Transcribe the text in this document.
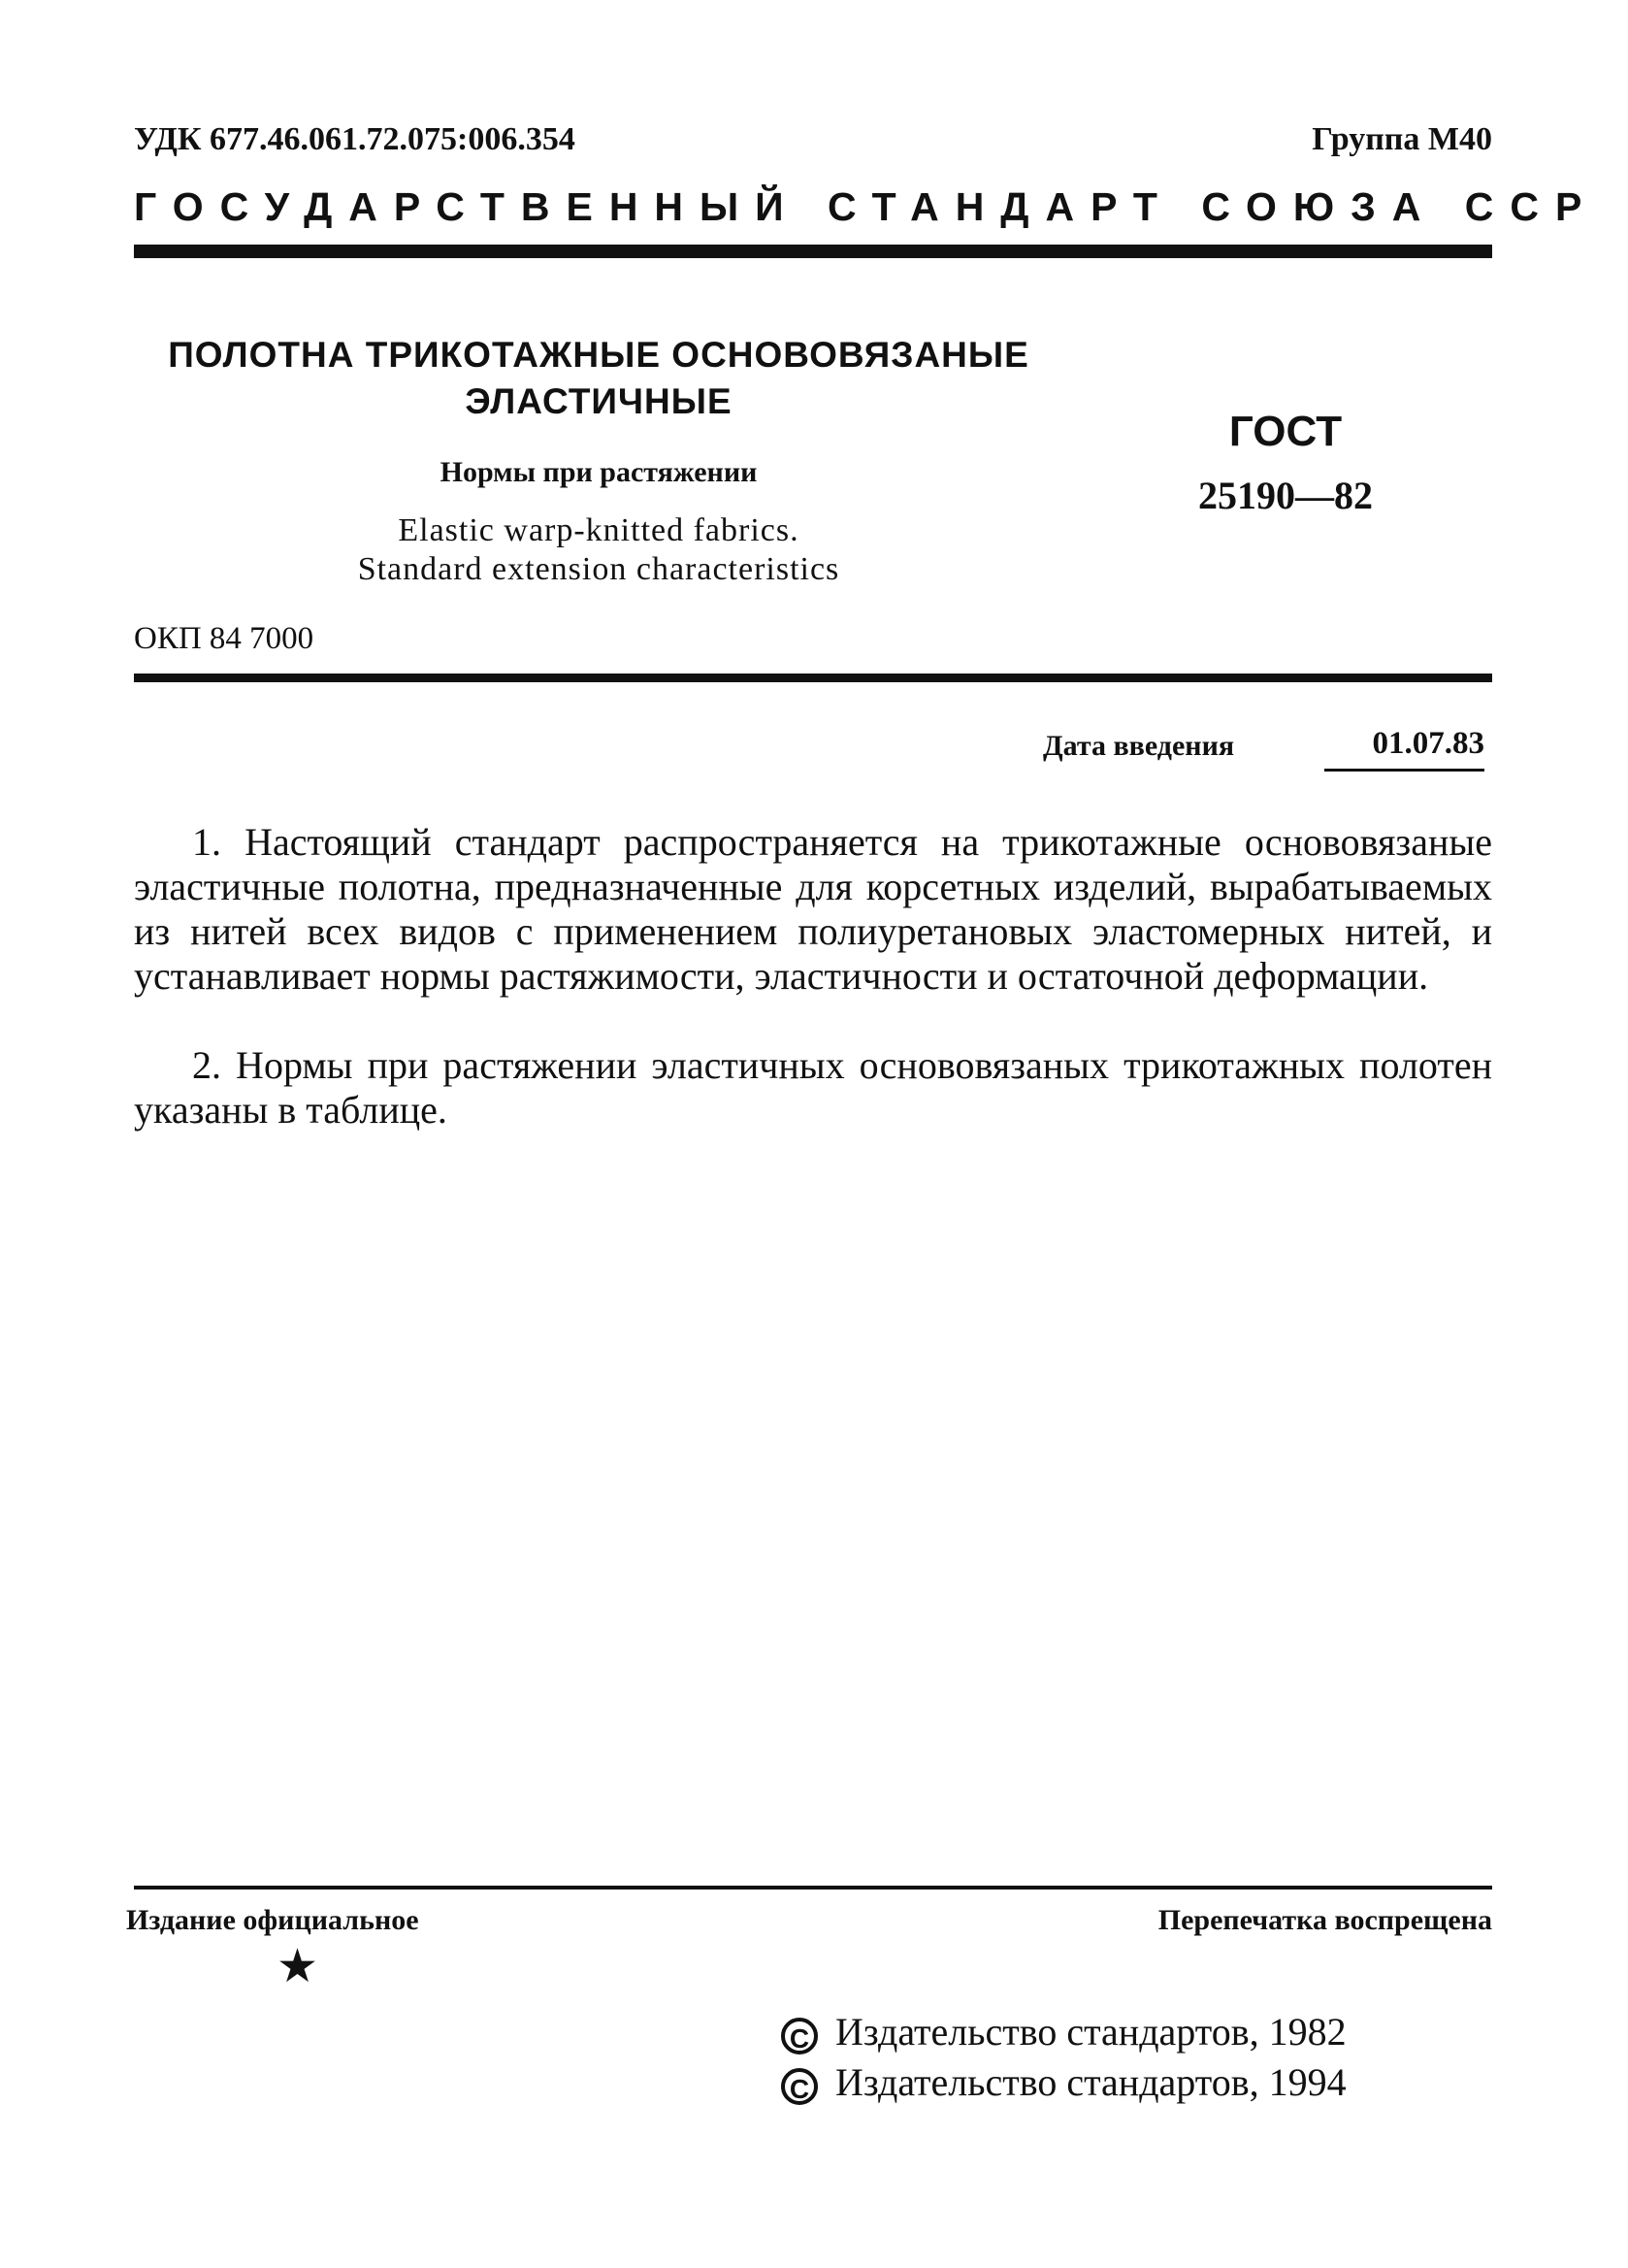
УДК 677.46.061.72.075:006.354	Группа М40
ГОСУДАРСТВЕННЫЙ СТАНДАРТ СОЮЗА ССР
ПОЛОТНА ТРИКОТАЖНЫЕ ОСНОВОВЯЗАНЫЕ
ЭЛАСТИЧНЫЕ
Нормы при растяжении
Elastic warp-knitted fabrics.
Standard extension characteristics
ГОСТ
25190—82
ОКП 84 7000
Дата введения	01.07.83
1. Настоящий стандарт распространяется на трикотажные основовязаные эластичные полотна, предназначенные для корсетных изделий, вырабатываемых из нитей всех видов с применением полиуретановых эластомерных нитей, и устанавливает нормы растяжимости, эластичности и остаточной деформации.
2. Нормы при растяжении эластичных основовязаных трикотажных полотен указаны в таблице.
Издание официальное	Перепечатка воспрещена
★
C Издательство стандартов, 1982
C Издательство стандартов, 1994
